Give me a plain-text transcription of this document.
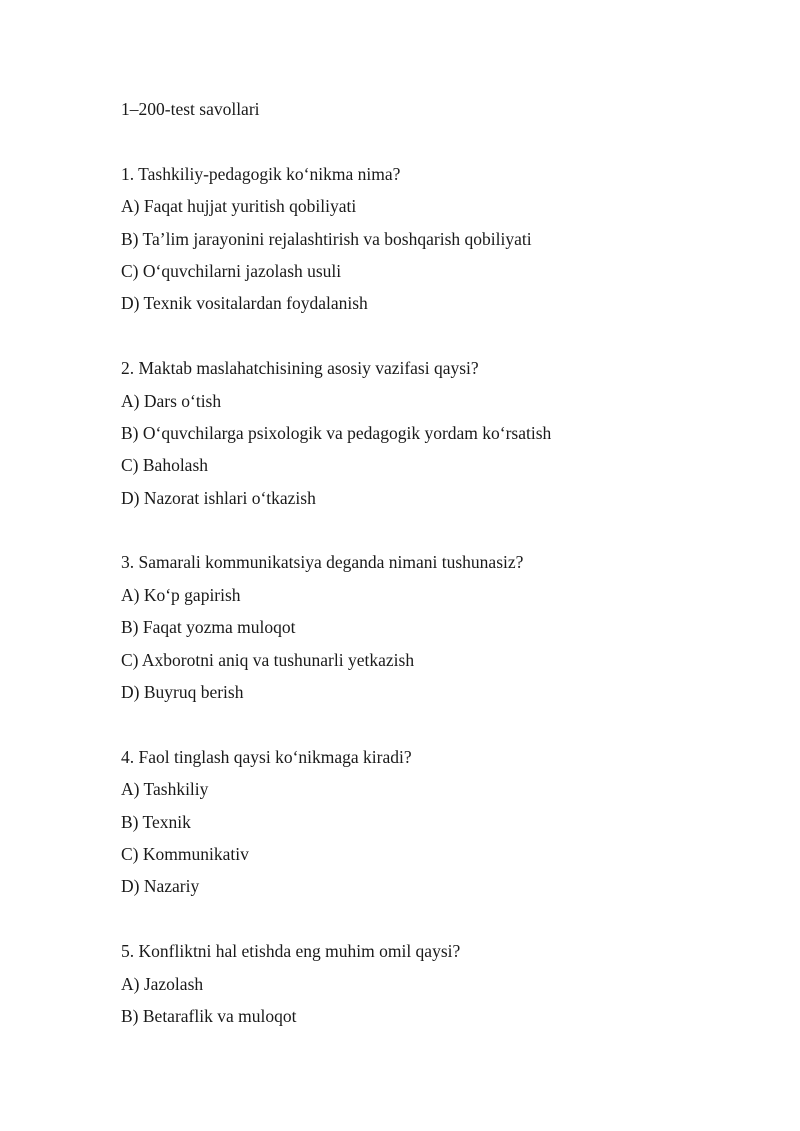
1–200-test savollari
1. Tashkiliy-pedagogik koʻnikma nima?
A) Faqat hujjat yuritish qobiliyati
B) Taʼlim jarayonini rejalashtirish va boshqarish qobiliyati
C) Oʻquvchilarni jazolash usuli
D) Texnik vositalardan foydalanish
2. Maktab maslahatchisining asosiy vazifasi qaysi?
A) Dars oʻtish
B) Oʻquvchilarga psixologik va pedagogik yordam koʻrsatish
C) Baholash
D) Nazorat ishlari oʻtkazish
3. Samarali kommunikatsiya deganda nimani tushunasiz?
A) Koʻp gapirish
B) Faqat yozma muloqot
C) Axborotni aniq va tushunarli yetkazish
D) Buyruq berish
4. Faol tinglash qaysi koʻnikmaga kiradi?
A) Tashkiliy
B) Texnik
C) Kommunikativ
D) Nazariy
5. Konfliktni hal etishda eng muhim omil qaysi?
A) Jazolash
B) Betaraflik va muloqot
